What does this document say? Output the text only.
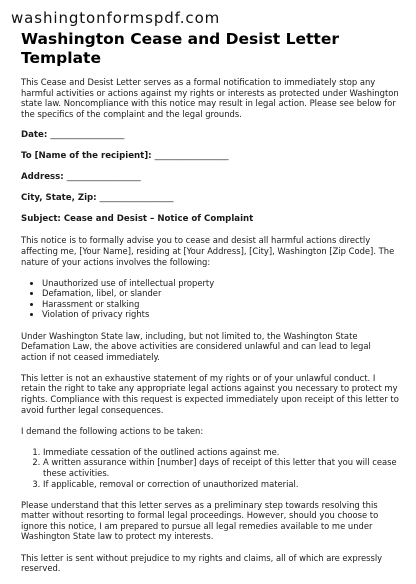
washingtonformspdf.com
Washington Cease and Desist Letter Template

This Cease and Desist Letter serves as a formal notification to immediately stop any harmful activities or actions against my rights or interests as protected under Washington state law. Noncompliance with this notice may result in legal action. Please see below for the specifics of the complaint and the legal grounds.

Date: __________________
To [Name of the recipient]: __________________
Address: __________________
City, State, Zip: __________________
Subject: Cease and Desist – Notice of Complaint

This notice is to formally advise you to cease and desist all harmful actions directly affecting me, [Your Name], residing at [Your Address], [City], Washington [Zip Code]. The nature of your actions involves the following:

• Unauthorized use of intellectual property
• Defamation, libel, or slander
• Harassment or stalking
• Violation of privacy rights

Under Washington State law, including, but not limited to, the Washington State Defamation Law, the above activities are considered unlawful and can lead to legal action if not ceased immediately.

This letter is not an exhaustive statement of my rights or of your unlawful conduct. I retain the right to take any appropriate legal actions against you necessary to protect my rights. Compliance with this request is expected immediately upon receipt of this letter to avoid further legal consequences.

I demand the following actions to be taken:

1. Immediate cessation of the outlined actions against me.
2. A written assurance within [number] days of receipt of this letter that you will cease these activities.
3. If applicable, removal or correction of unauthorized material.

Please understand that this letter serves as a preliminary step towards resolving this matter without resorting to formal legal proceedings. However, should you choose to ignore this notice, I am prepared to pursue all legal remedies available to me under Washington State law to protect my interests.

This letter is sent without prejudice to my rights and claims, all of which are expressly reserved.
